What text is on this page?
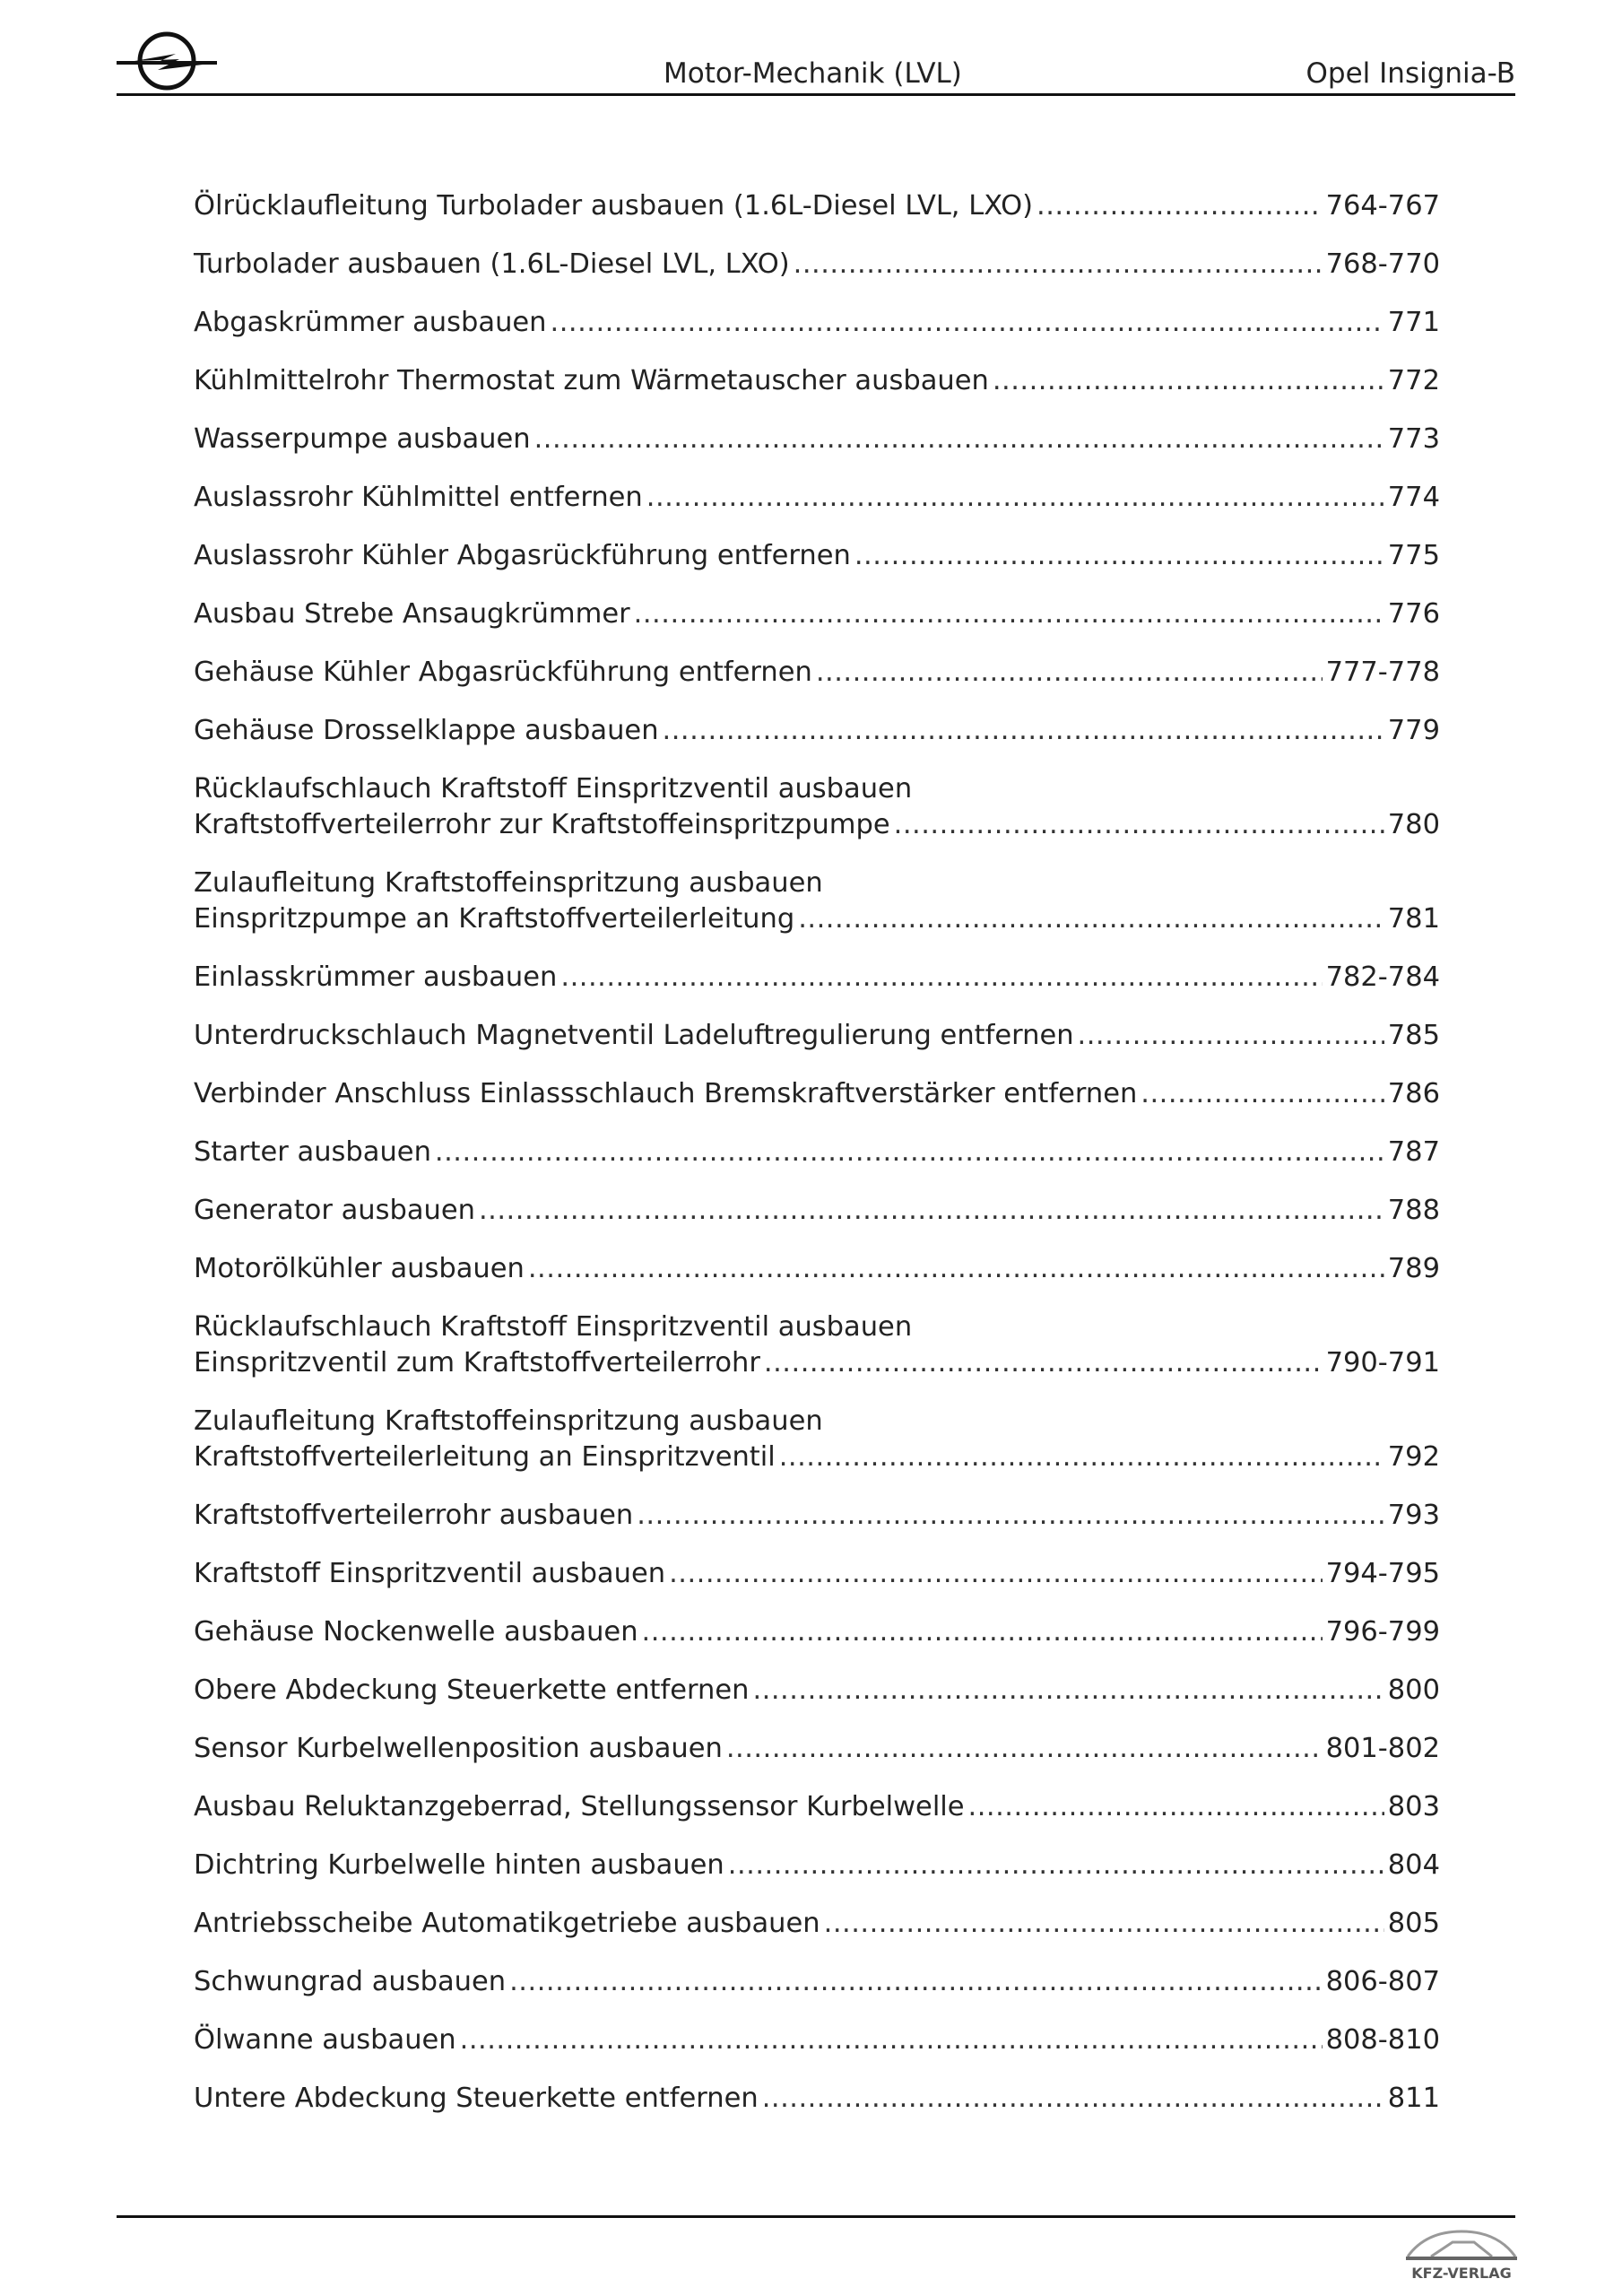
Motor-Mechanik (LVL)	Opel Insignia-B
Ölrücklaufleitung Turbolader ausbauen (1.6L-Diesel LVL, LXO) .....	764-767
Turbolader ausbauen (1.6L-Diesel LVL, LXO) .....	768-770
Abgaskrümmer ausbauen .....	771
Kühlmittelrohr Thermostat zum Wärmetauscher ausbauen .....	772
Wasserpumpe ausbauen .....	773
Auslassrohr Kühlmittel entfernen .....	774
Auslassrohr Kühler Abgasrückführung entfernen .....	775
Ausbau Strebe Ansaugkrümmer .....	776
Gehäuse Kühler Abgasrückführung entfernen .....	777-778
Gehäuse Drosselklappe ausbauen .....	779
Rücklaufschlauch Kraftstoff Einspritzventil ausbauen
Kraftstoffverteilerrohr zur Kraftstoffeinspritzpumpe .....	780
Zulaufleitung Kraftstoffeinspritzung ausbauen
Einspritzpumpe an Kraftstoffverteilerleitung .....	781
Einlasskrümmer ausbauen .....	782-784
Unterdruckschlauch Magnetventil Ladeluftregulierung entfernen .....	785
Verbinder Anschluss Einlassschlauch Bremskraftverstärker entfernen .....	786
Starter ausbauen .....	787
Generator ausbauen .....	788
Motorölkühler ausbauen .....	789
Rücklaufschlauch Kraftstoff Einspritzventil ausbauen
Einspritzventil zum Kraftstoffverteilerrohr .....	790-791
Zulaufleitung Kraftstoffeinspritzung ausbauen
Kraftstoffverteilerleitung an Einspritzventil .....	792
Kraftstoffverteilerrohr ausbauen .....	793
Kraftstoff Einspritzventil ausbauen .....	794-795
Gehäuse Nockenwelle ausbauen .....	796-799
Obere Abdeckung Steuerkette entfernen .....	800
Sensor Kurbelwellenposition ausbauen .....	801-802
Ausbau Reluktanzgeberrad, Stellungssensor Kurbelwelle .....	803
Dichtring Kurbelwelle hinten ausbauen .....	804
Antriebsscheibe Automatikgetriebe ausbauen .....	805
Schwungrad ausbauen .....	806-807
Ölwanne ausbauen .....	808-810
Untere Abdeckung Steuerkette entfernen .....	811
KFZ-VERLAG
